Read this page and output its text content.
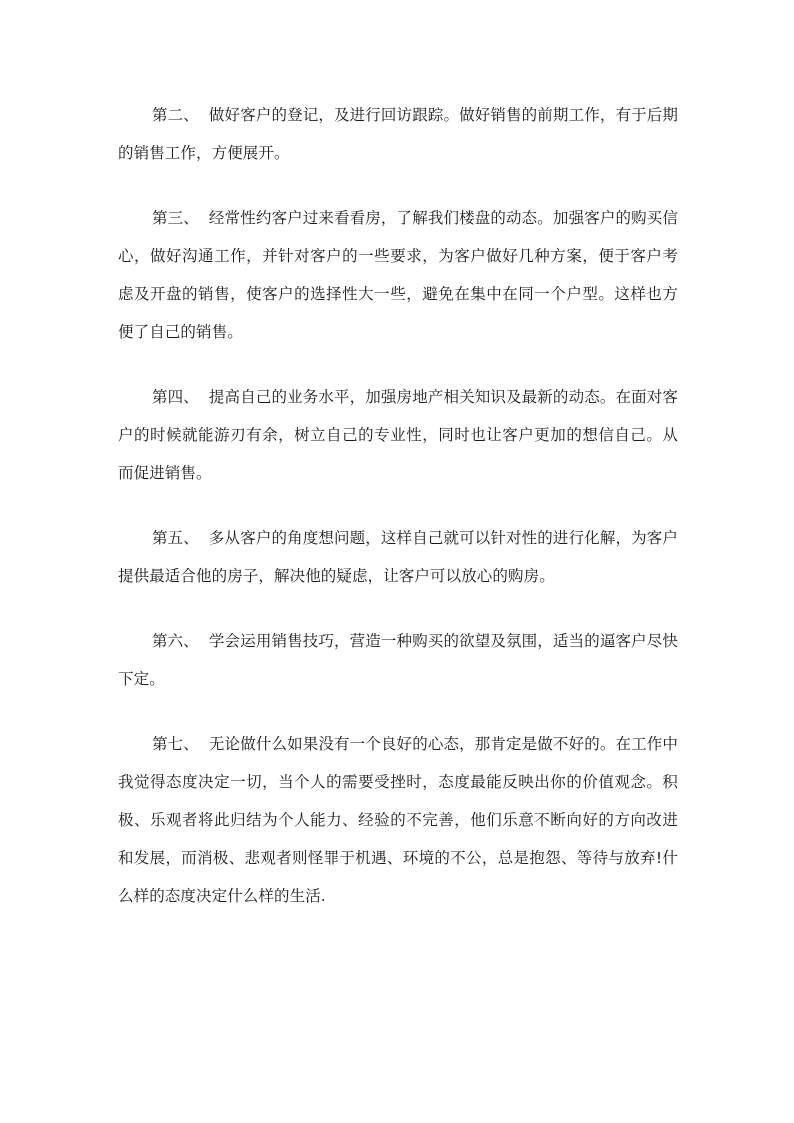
第二、 做好客户的登记，及进行回访跟踪。做好销售的前期工作，有于后期的销售工作，方便展开。

第三、 经常性约客户过来看看房，了解我们楼盘的动态。加强客户的购买信心，做好沟通工作，并针对客户的一些要求，为客户做好几种方案，便于客户考虑及开盘的销售，使客户的选择性大一些，避免在集中在同一个户型。这样也方便了自己的销售。

第四、 提高自己的业务水平，加强房地产相关知识及最新的动态。在面对客户的时候就能游刃有余，树立自己的专业性，同时也让客户更加的想信自己。从而促进销售。

第五、 多从客户的角度想问题，这样自己就可以针对性的进行化解，为客户提供最适合他的房子，解决他的疑虑，让客户可以放心的购房。

第六、 学会运用销售技巧，营造一种购买的欲望及氛围，适当的逼客户尽快下定。

第七、 无论做什么如果没有一个良好的心态，那肯定是做不好的。在工作中我觉得态度决定一切，当个人的需要受挫时，态度最能反映出你的价值观念。积极、乐观者将此归结为个人能力、经验的不完善，他们乐意不断向好的方向改进和发展，而消极、悲观者则怪罪于机遇、环境的不公，总是抱怨、等待与放弃!什么样的态度决定什么样的生活.
